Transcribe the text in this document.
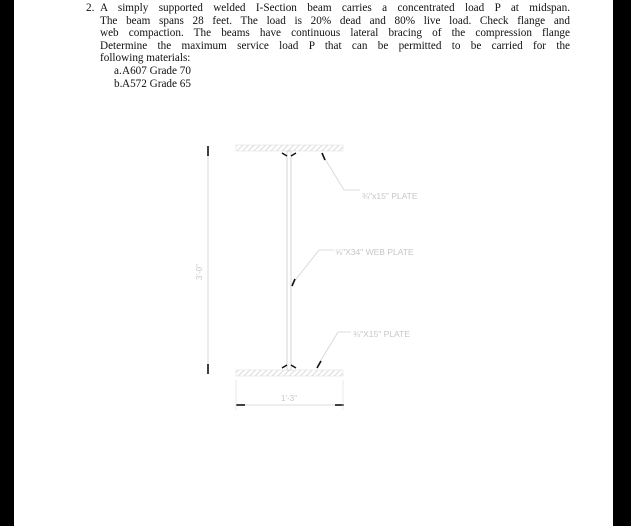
2. A simply supported welded I-Section beam carries a concentrated load P at midspan.
The beam spans 28 feet. The load is 20% dead and 80% live load. Check flange and
web compaction. The beams have continuous lateral bracing of the compression flange
Determine the maximum service load P that can be permitted to be carried for the
following materials:

a. A607 Grade 70
b. A572 Grade 65
3'-0"
1'-3"
¾"x15" PLATE
⅝"X34" WEB PLATE
¾"X15" PLATE
